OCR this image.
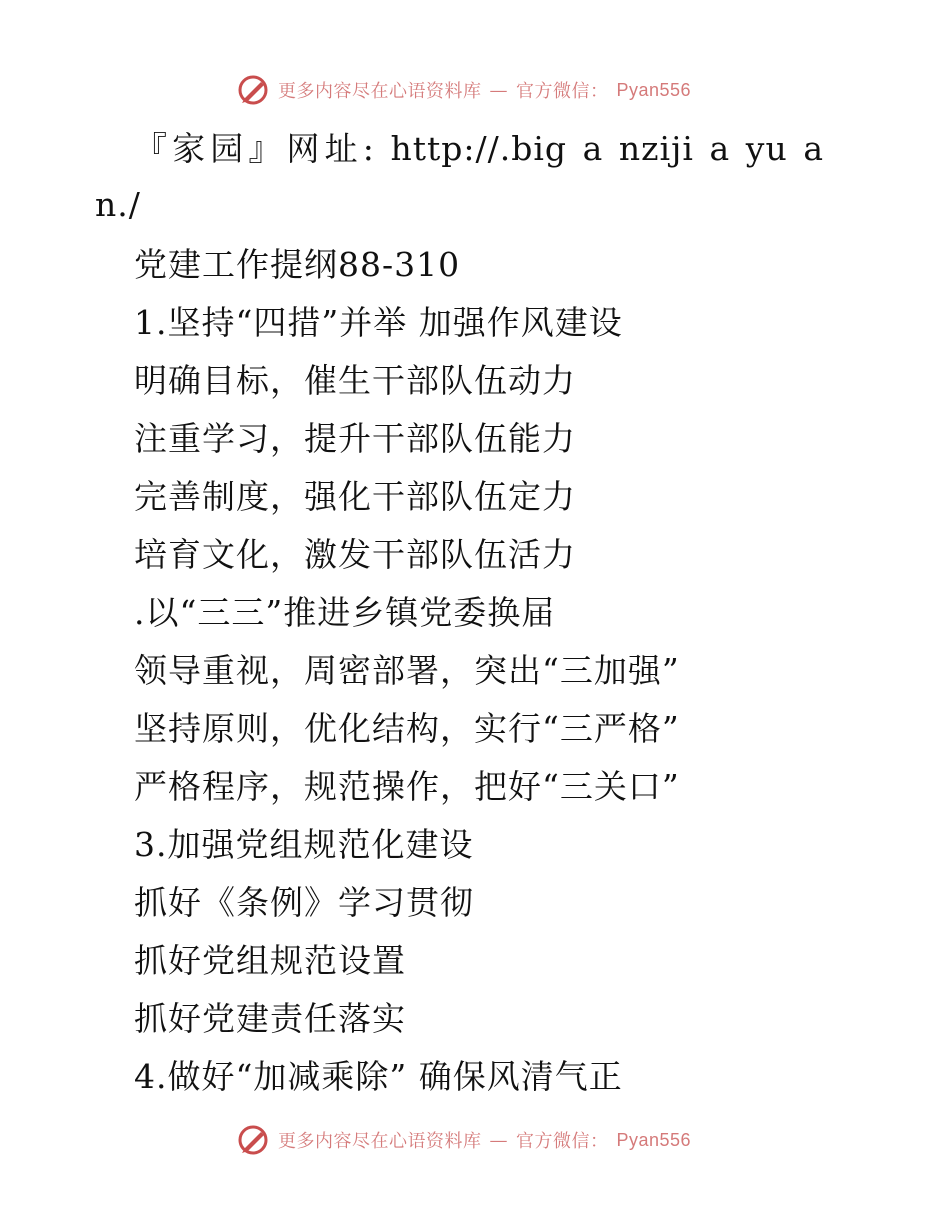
更多内容尽在心语资料库 — 官方微信： Pyan556
『家园』网址: http://.big a nziji a yu a
n./
党建工作提纲88-310
1.坚持“四措”并举 加强作风建设
明确目标，催生干部队伍动力
注重学习，提升干部队伍能力
完善制度，强化干部队伍定力
培育文化，激发干部队伍活力
.以“三三”推进乡镇党委换届
领导重视，周密部署，突出“三加强”
坚持原则，优化结构，实行“三严格”
严格程序，规范操作，把好“三关口”
3.加强党组规范化建设
抓好《条例》学习贯彻
抓好党组规范设置
抓好党建责任落实
4.做好“加减乘除” 确保风清气正
更多内容尽在心语资料库 — 官方微信： Pyan556
